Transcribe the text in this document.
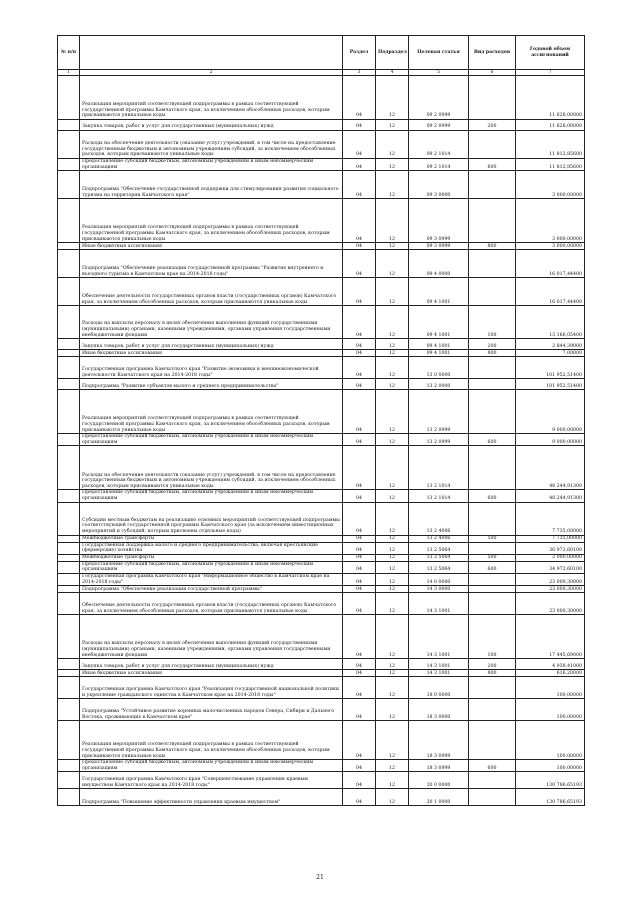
№ п/п		Раздел	Подраздел	Целевая статья	Вид расходов	Годовой объем ассигнований
1	2	3	4	5	6	7
	Реализация мероприятий соответствующей подпрограммы в рамках соответствующей государственной программы Камчатского края, за исключением обособленных расходов, которым присваиваются уникальные коды	04	12	09 2 0999		11 628,00000
	Закупка товаров, работ и услуг для государственных (муниципальных) нужд	04	12	09 2 0999	200	11 628,00000
	Расходы на обеспечение деятельности (оказание услуг) учреждений, в том числе на предоставление государственным бюджетным и автономным учреждениям субсидий, за исключением обособленных расходов, которым присваиваются уникальные коды	04	12	09 2 1014		11 812,85600
	Предоставление субсидий бюджетным, автономным учреждениям и иным некоммерческим организациям	04	12	09 2 1014	600	11 812,85600
	Подпрограмма "Обеспечение государственной поддержки для стимулирования развития социального туризма на территории Камчатского края"	04	12	09 3 0000		3 000,00000
	Реализация мероприятий соответствующей подпрограммы в рамках соответствующей государственной программы Камчатского края, за исключением обособленных расходов, которым присваиваются уникальные коды	04	12	09 3 0999		3 000,00000
	Иные бюджетные ассигнования	04	12	09 3 0999	800	3 000,00000
	Подпрограмма "Обеспечение реализации государственной программы "Развитие внутреннего и въездного туризма в Камчатском крае на 2014-2018 годы"	04	12	09 4 0000		16 017,44400
	Обеспечение деятельности государственных органов власти (государственных органов) Камчатского края, за исключением обособленных расходов, которым присваиваются уникальные коды	04	12	09 4 1001		16 017,44400
	Расходы на выплаты персоналу в целях обеспечения выполнения функций государственными (муниципальными) органами, казенными учреждениями, органами управления государственными внебюджетными фондами	04	12	09 4 1001	100	13 166,05400
	Закупка товаров, работ и услуг для государственных (муниципальных) нужд	04	12	09 4 1001	200	2 844,39000
	Иные бюджетные ассигнования	04	12	09 4 1001	800	7,00000
	Государственная программа Камчатского края "Развитие экономики и внешнеэкономической деятельности Камчатского края на 2014-2018 годы"	04	12	13 0 0000		101 952,51400
	Подпрограмма "Развитие субъектов малого и среднего предпринимательства"	04	12	13 2 0000		101 952,51400
	Реализация мероприятий соответствующей подпрограммы в рамках соответствующей государственной программы Камчатского края, за исключением обособленных расходов, которым присваиваются уникальные коды	04	12	13 2 0999		9 000,00000
	Предоставление субсидий бюджетным, автономным учреждениям и иным некоммерческим организациям	04	12	13 2 0999	600	9 000,00000
	Расходы на обеспечение деятельности (оказание услуг) учреждений, в том числе на предоставление государственным бюджетным и автономным учреждениям субсидий, за исключением обособленных расходов, которым присваиваются уникальные коды	04	12	13 2 1014		48 244,91300
	Предоставление субсидий бюджетным, автономным учреждениям и иным некоммерческим организациям	04	12	13 2 1014	600	48 244,91300
	Субсидии местным бюджетам на реализацию основных мероприятий соответствующей подпрограммы соответствующей государственной программы Камчатского края (за исключением инвестиционных мероприятий и субсидий, которым присвоены отдельные коды)	04	12	13 2 4006		7 735,00000
	Межбюджетные трансферты	04	12	13 2 4006	500	7 735,00000
	Государственная поддержка малого и среднего предпринимательства, включая крестьянские (фермерские) хозяйства	04	12	13 2 5064		36 972,60100
	Межбюджетные трансферты	04	12	13 2 5064	500	2 000,00000
	Предоставление субсидий бюджетным, автономным учреждениям и иным некоммерческим организациям	04	12	13 2 5064	600	34 972,60100
	Государственная программа Камчатского края "Информационное общество в Камчатском крае на 2014-2018 годы"	04	12	14 0 0000		23 000,30000
	Подпрограмма "Обеспечение реализации государственной программы"	04	12	14 3 0000		23 000,30000
	Обеспечение деятельности государственных органов власти (государственных органов) Камчатского края, за исключением обособленных расходов, которым присваиваются уникальные коды	04	12	14 3 1001		23 000,30000
	Расходы на выплаты персоналу в целях обеспечения выполнения функций государственными (муниципальными) органами, казенными учреждениями, органами управления государственными внебюджетными фондами	04	12	14 3 1001	100	17 445,69000
	Закупка товаров, работ и услуг для государственных (муниципальных) нужд	04	12	14 3 1001	200	4 938,41000
	Иные бюджетные ассигнования	04	12	14 3 1001	800	616,20000
	Государственная программа Камчатского края "Реализация государственной национальной политики и укрепление гражданского единства в Камчатском крае на 2014-2018 годы"	04	12	18 0 0000		100,00000
	Подпрограмма "Устойчивое развитие коренных малочисленных народов Севера, Сибири и Дальнего Востока, проживающих в Камчатском крае"	04	12	18 3 0000		100,00000
	Реализация мероприятий соответствующей подпрограммы в рамках соответствующей государственной программы Камчатского края, за исключением обособленных расходов, которым присваиваются уникальные коды	04	12	18 3 0999		100,00000
	Предоставление субсидий бюджетным, автономным учреждениям и иным некоммерческим организациям	04	12	18 3 0999	600	100,00000
	Государственная программа Камчатского края "Совершенствование управления краевым имуществом Камчатского края на 2014-2018 годы"	04	12	20 0 0000		130 786,65193
	Подпрограмма "Повышение эффективности управления краевым имуществом"	04	12	20 1 0000		130 786,65193
21
